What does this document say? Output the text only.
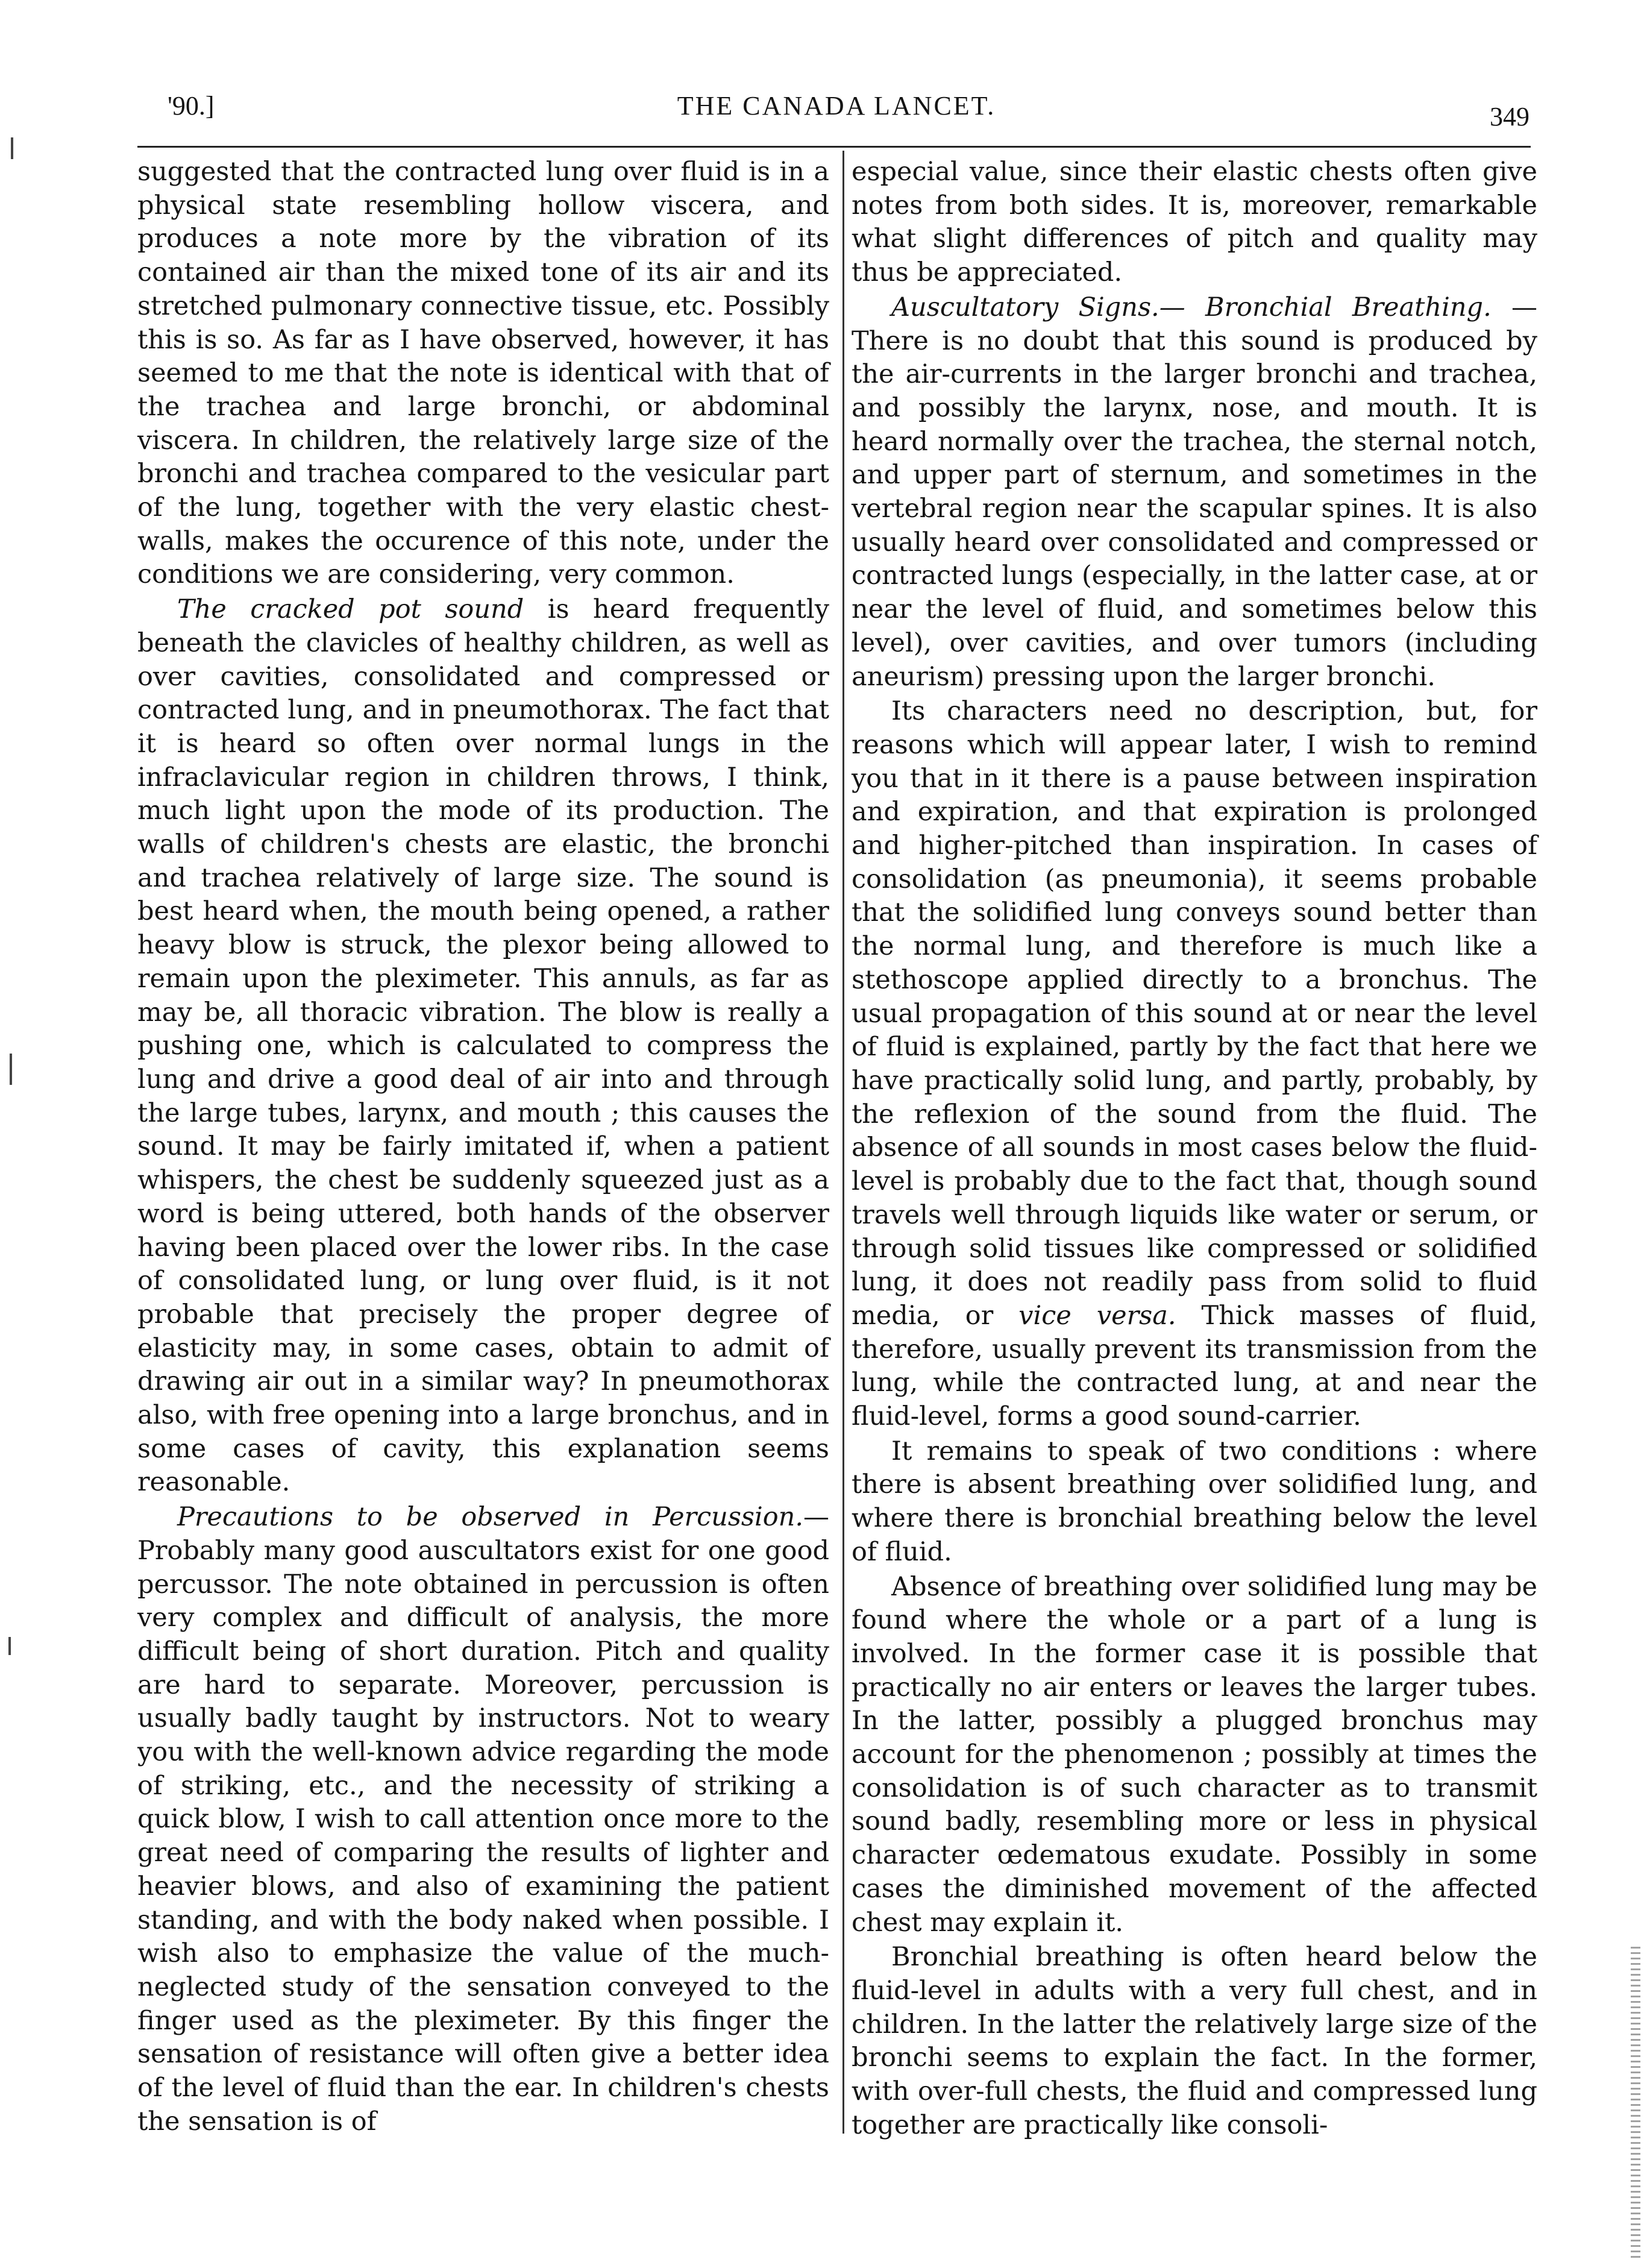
'90.]	THE CANADA LANCET.	349

suggested that the contracted lung over fluid is in a physical state resembling hollow viscera, and produces a note more by the vibration of its contained air than the mixed tone of its air and its stretched pulmonary connective tissue, etc. Possibly this is so. As far as I have observed, however, it has seemed to me that the note is identical with that of the trachea and large bronchi, or abdominal viscera. In children, the relatively large size of the bronchi and trachea compared to the vesicular part of the lung, together with the very elastic chest-walls, makes the occurence of this note, under the conditions we are considering, very common.

The cracked pot sound is heard frequently beneath the clavicles of healthy children, as well as over cavities, consolidated and compressed or contracted lung, and in pneumothorax. The fact that it is heard so often over normal lungs in the infraclavicular region in children throws, I think, much light upon the mode of its production. The walls of children's chests are elastic, the bronchi and trachea relatively of large size. The sound is best heard when, the mouth being opened, a rather heavy blow is struck, the plexor being allowed to remain upon the pleximeter. This annuls, as far as may be, all thoracic vibration. The blow is really a pushing one, which is calculated to compress the lung and drive a good deal of air into and through the large tubes, larynx, and mouth ; this causes the sound. It may be fairly imitated if, when a patient whispers, the chest be suddenly squeezed just as a word is being uttered, both hands of the observer having been placed over the lower ribs. In the case of consolidated lung, or lung over fluid, is it not probable that precisely the proper degree of elasticity may, in some cases, obtain to admit of drawing air out in a similar way? In pneumothorax also, with free opening into a large bronchus, and in some cases of cavity, this explanation seems reasonable.

Precautions to be observed in Percussion.—Probably many good auscultators exist for one good percussor. The note obtained in percussion is often very complex and difficult of analysis, the more difficult being of short duration. Pitch and quality are hard to separate. Moreover, percussion is usually badly taught by instructors. Not to weary you with the well-known advice regarding the mode of striking, etc., and the necessity of striking a quick blow, I wish to call attention once more to the great need of comparing the results of lighter and heavier blows, and also of examining the patient standing, and with the body naked when possible. I wish also to emphasize the value of the much-neglected study of the sensation conveyed to the finger used as the pleximeter. By this finger the sensation of resistance will often give a better idea of the level of fluid than the ear. In children's chests the sensation is of

especial value, since their elastic chests often give notes from both sides. It is, moreover, remarkable what slight differences of pitch and quality may thus be appreciated.

Auscultatory Signs.— Bronchial Breathing. — There is no doubt that this sound is produced by the air-currents in the larger bronchi and trachea, and possibly the larynx, nose, and mouth. It is heard normally over the trachea, the sternal notch, and upper part of sternum, and sometimes in the vertebral region near the scapular spines. It is also usually heard over consolidated and compressed or contracted lungs (especially, in the latter case, at or near the level of fluid, and sometimes below this level), over cavities, and over tumors (including aneurism) pressing upon the larger bronchi.

Its characters need no description, but, for reasons which will appear later, I wish to remind you that in it there is a pause between inspiration and expiration, and that expiration is prolonged and higher-pitched than inspiration. In cases of consolidation (as pneumonia), it seems probable that the solidified lung conveys sound better than the normal lung, and therefore is much like a stethoscope applied directly to a bronchus. The usual propagation of this sound at or near the level of fluid is explained, partly by the fact that here we have practically solid lung, and partly, probably, by the reflexion of the sound from the fluid. The absence of all sounds in most cases below the fluid-level is probably due to the fact that, though sound travels well through liquids like water or serum, or through solid tissues like compressed or solidified lung, it does not readily pass from solid to fluid media, or vice versa. Thick masses of fluid, therefore, usually prevent its transmission from the lung, while the contracted lung, at and near the fluid-level, forms a good sound-carrier.

It remains to speak of two conditions : where there is absent breathing over solidified lung, and where there is bronchial breathing below the level of fluid.

Absence of breathing over solidified lung may be found where the whole or a part of a lung is involved. In the former case it is possible that practically no air enters or leaves the larger tubes. In the latter, possibly a plugged bronchus may account for the phenomenon ; possibly at times the consolidation is of such character as to transmit sound badly, resembling more or less in physical character œdematous exudate. Possibly in some cases the diminished movement of the affected chest may explain it.

Bronchial breathing is often heard below the fluid-level in adults with a very full chest, and in children. In the latter the relatively large size of the bronchi seems to explain the fact. In the former, with over-full chests, the fluid and compressed lung together are practically like consoli-
